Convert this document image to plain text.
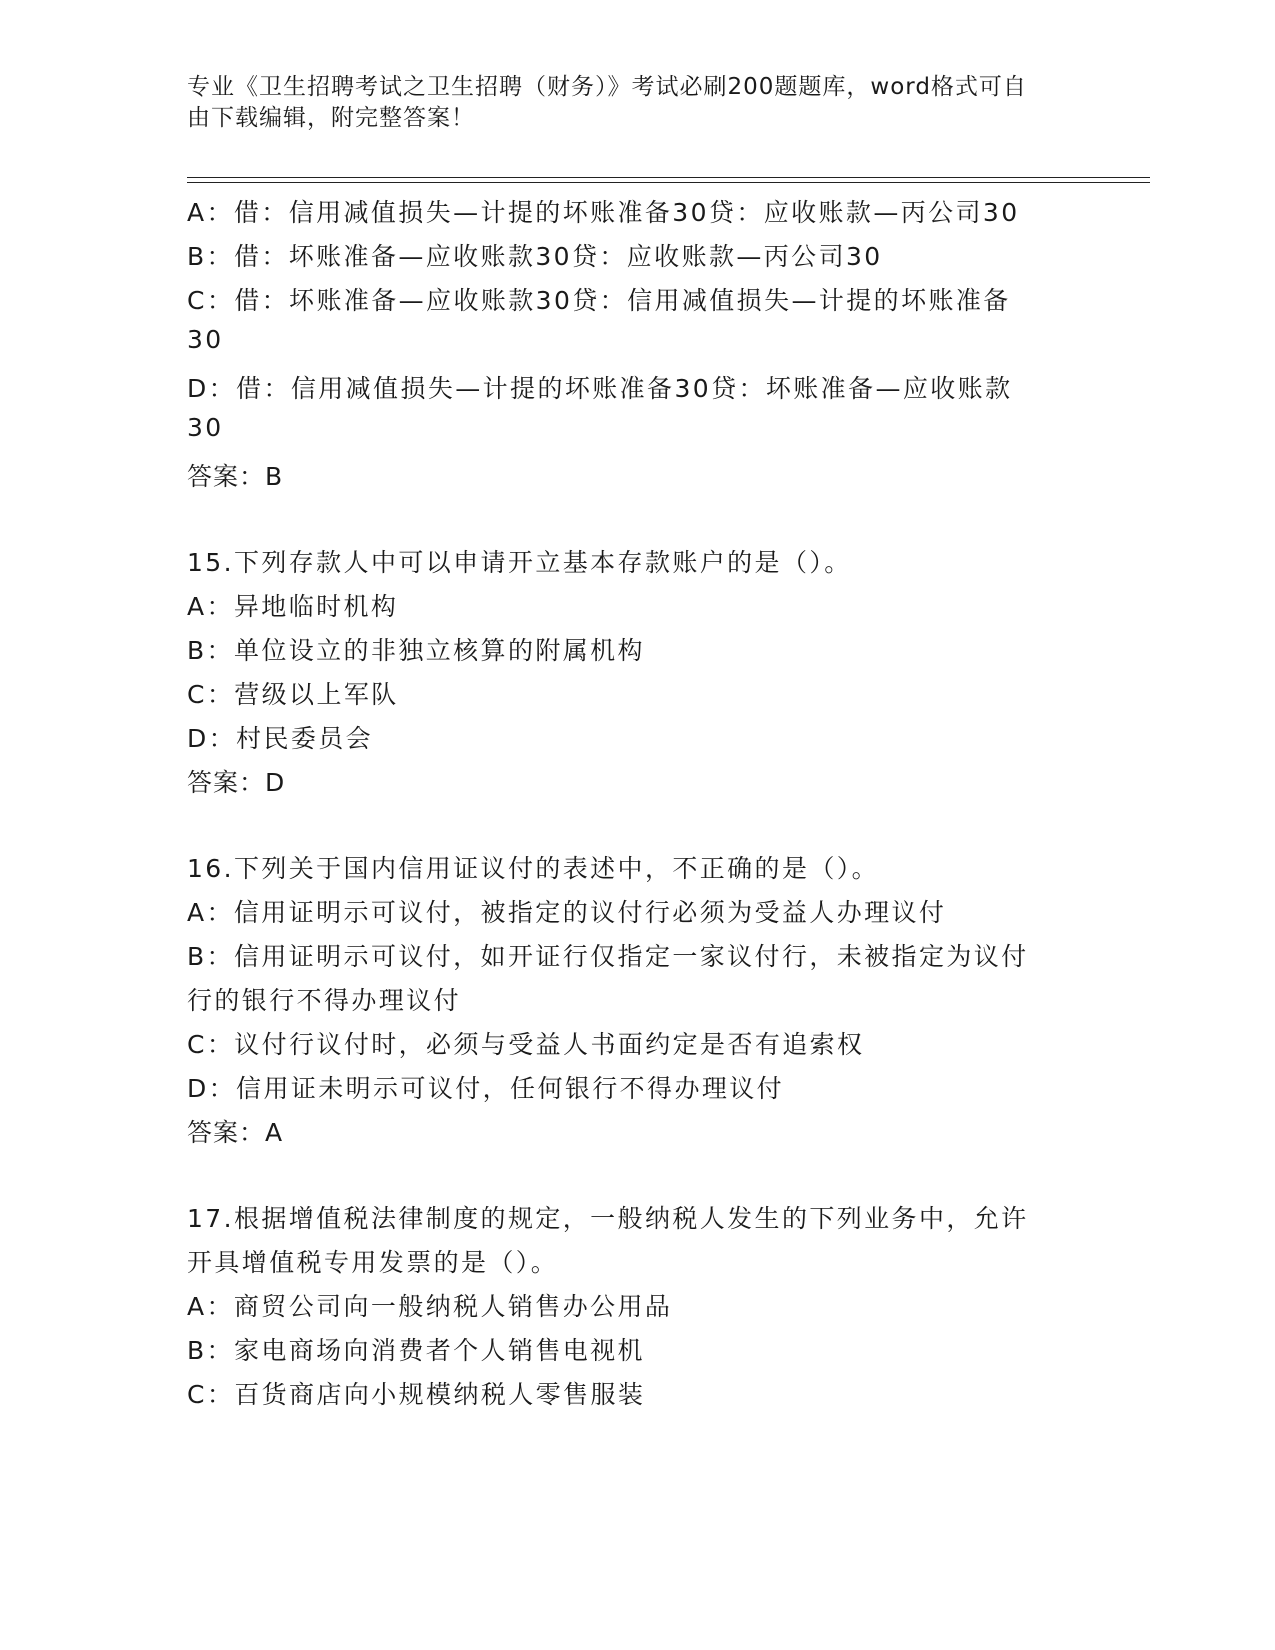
专业《卫生招聘考试之卫生招聘（财务）》考试必刷200题题库，word格式可自
由下载编辑，附完整答案！
A：借：信用减值损失—计提的坏账准备30贷：应收账款—丙公司30
B：借：坏账准备—应收账款30贷：应收账款—丙公司30
C：借：坏账准备—应收账款30贷：信用减值损失—计提的坏账准备
30
D：借：信用减值损失—计提的坏账准备30贷：坏账准备—应收账款
30
答案：B
15.下列存款人中可以申请开立基本存款账户的是（）。
A：异地临时机构
B：单位设立的非独立核算的附属机构
C：营级以上军队
D：村民委员会
答案：D
16.下列关于国内信用证议付的表述中，不正确的是（）。
A：信用证明示可议付，被指定的议付行必须为受益人办理议付
B：信用证明示可议付，如开证行仅指定一家议付行，未被指定为议付
行的银行不得办理议付
C：议付行议付时，必须与受益人书面约定是否有追索权
D：信用证未明示可议付，任何银行不得办理议付
答案：A
17.根据增值税法律制度的规定，一般纳税人发生的下列业务中，允许
开具增值税专用发票的是（）。
A：商贸公司向一般纳税人销售办公用品
B：家电商场向消费者个人销售电视机
C：百货商店向小规模纳税人零售服装
